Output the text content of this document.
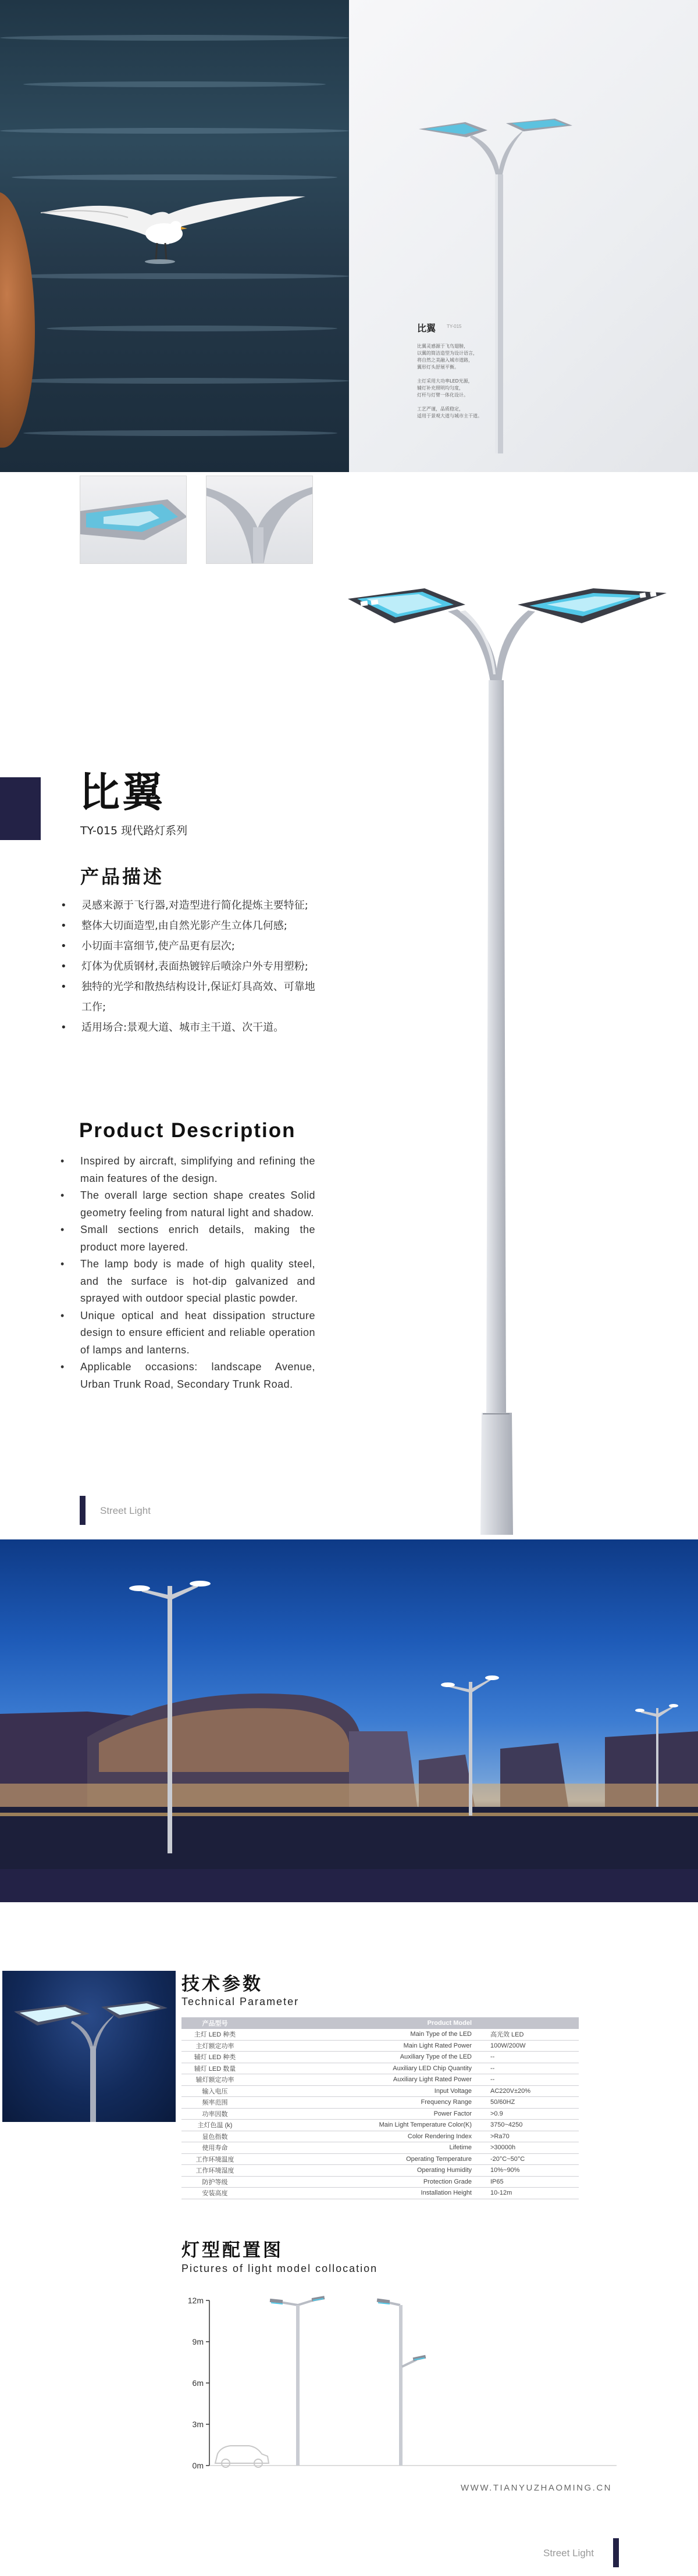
比翼 TY-015
比翼灵感源于飞鸟翅膀，
以翼的简洁造型为设计语言，
将自然之美融入城市道路，
翼形灯头舒展平衡。
主灯采用大功率LED光源，
辅灯补充照明均匀度，
灯杆与灯臂一体化设计。
工艺严谨，品质稳定，
适用于景观大道与城市主干道。
比翼
TY-015 现代路灯系列
产品描述
• 灵感来源于飞行器,对造型进行简化提炼主要特征;
• 整体大切面造型,由自然光影产生立体几何感;
• 小切面丰富细节,使产品更有层次;
• 灯体为优质钢材,表面热镀锌后喷涂户外专用塑粉;
• 独特的光学和散热结构设计,保证灯具高效、可靠地工作;
• 适用场合:景观大道、城市主干道、次干道。
Product Description
• Inspired by aircraft, simplifying and refining the main features of the design.
• The overall large section shape creates Solid geometry feeling from natural light and shadow.
• Small sections enrich details, making the product more layered.
• The lamp body is made of high quality steel, and the surface is hot-dip galvanized and sprayed with outdoor special plastic powder.
• Unique optical and heat dissipation structure design to ensure efficient and reliable operation of lamps and lanterns.
• Applicable occasions: landscape Avenue, Urban Trunk Road, Secondary Trunk Road.
Street Light
技术参数
Technical Parameter
产品型号	Product Model	
主灯 LED 种类	Main Type of the LED	高光效 LED
主灯额定功率	Main Light Rated Power	100W/200W
辅灯 LED 种类	Auxiliary Type of the LED	--
辅灯 LED 数量	Auxiliary LED Chip Quantity	--
辅灯额定功率	Auxiliary Light Rated Power	--
输入电压	Input Voltage	AC220V±20%
频率范围	Frequency Range	50/60HZ
功率因数	Power Factor	>0.9
主灯色温 (k)	Main Light Temperature Color(K)	3750~4250
显色指数	Color Rendering Index	>Ra70
使用寿命	Lifetime	>30000h
工作环境温度	Operating Temperature	-20°C~50°C
工作环境湿度	Operating Humidity	10%~90%
防护等级	Protection Grade	IP65
安装高度	Installation Height	10-12m
灯型配置图
Pictures of light model collocation
12m
9m
6m
3m
0m
WWW.TIANYUZHAOMING.CN
Street Light
